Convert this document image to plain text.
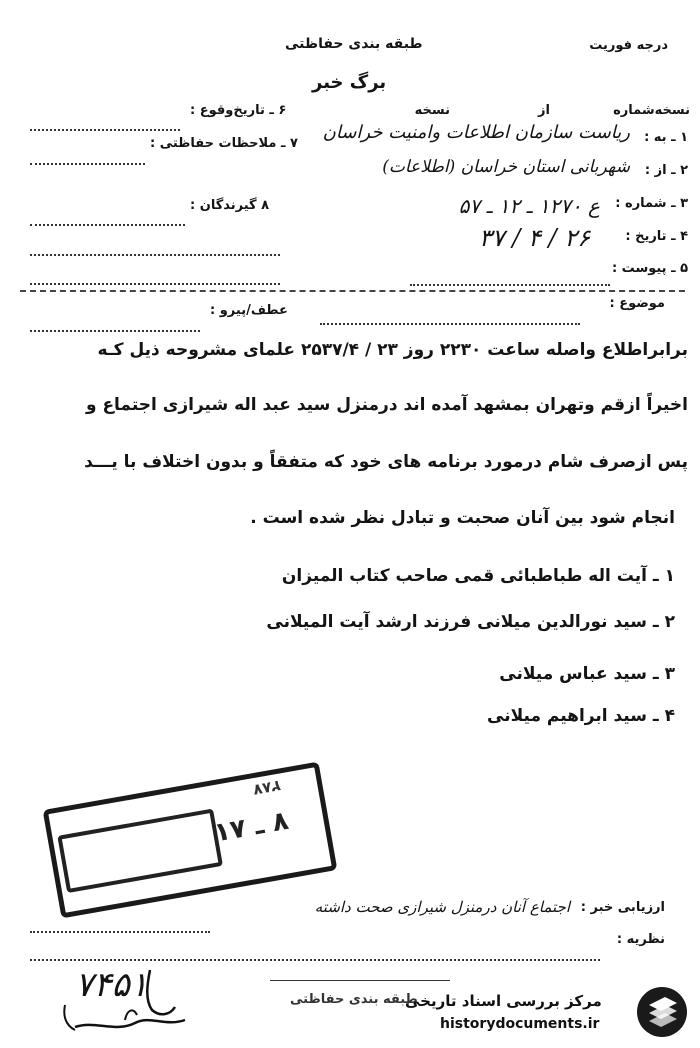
درجه فوریت
طبقه بندی حفاظتی
برگ خبر
نسخه‌شماره
از
نسخه
۶ ـ تاریخ‌وقوع :
۷ ـ ملاحظات حفاظتی :
۸ گیرندگان :
۱ ـ به :
ریاست سازمان اطلاعات وامنیت خراسان
۲ ـ از :
شهربانی استان خراسان (اطلاعات)
۳ ـ شماره :
ع ۱۲۷۰ ـ ۱۲ ـ ۵۷
۴ ـ تاریخ :
۲۶ / ۴ / ۳۷
۵ ـ پیوست :
موضوع :
عطف/پیرو :
برابراطلاع واصله ساعت ۲۲۳۰ روز ۲۳ / ۲۵۳۷/۴ علمای مشروحه ذیل کـه
اخیراً ازقم وتهران بمشهد آمده اند درمنزل سید عبد اله شیرازی اجتماع و
پس ازصرف شام درمورد برنامه های خود که متفقاً و بدون اختلاف با یـــد
انجام شود بین آنان صحبت و تبادل نظر شده است .
۱ ـ آیت اله طباطبائی قمی صاحب کتاب المیزان
۲ ـ سید نورالدین میلانی فرزند ارشد آیت المیلانی
۳ ـ سید عباس میلانی
۴ ـ سید ابراهیم میلانی
۲۸۷
۸ ـ ۱۷
ارزیابی خبر :
اجتماع آنان درمنزل شیرازی صحت داشته
نظریه :
۷۴۵۱	طبقه بندی حفاظتی
مرکز بررسی اسناد تاریخی
historydocuments.ir
